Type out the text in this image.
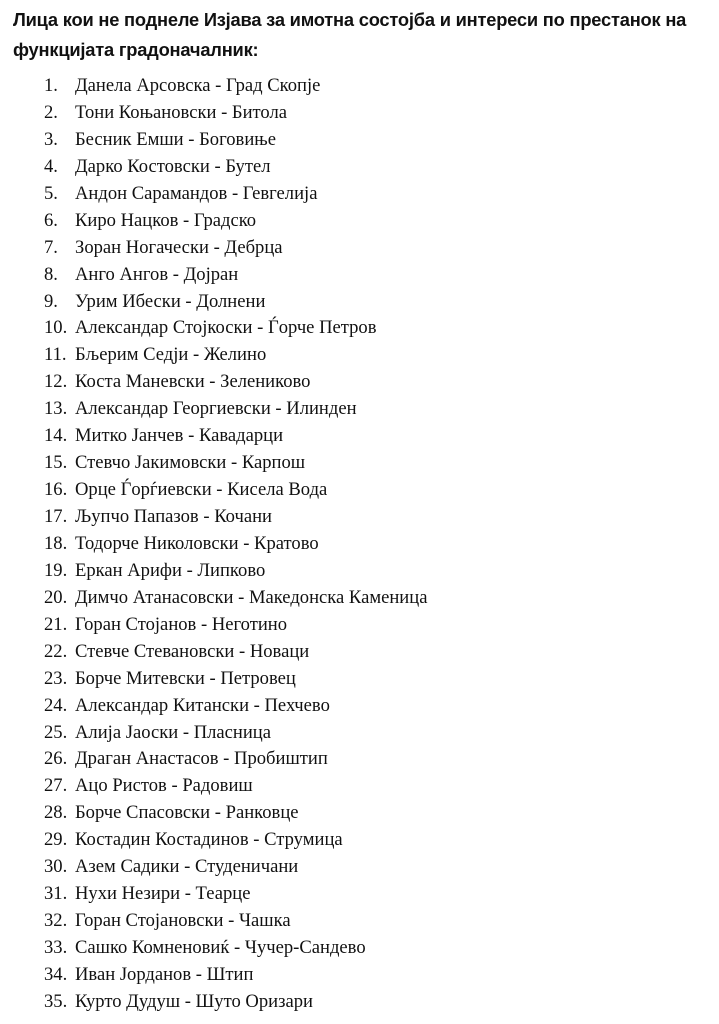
Лица кои не поднеле Изјава за имотна состојба и интереси по престанок на функцијата градоначалник:

1. Данела Арсовска - Град Скопје
2. Тони Коњановски - Битола
3. Бесник Емши - Боговиње
4. Дарко Костовски - Бутел
5. Андон Сарамандов - Гевгелија
6. Киро Нацков - Градско
7. Зоран Ногачески - Дебрца
8. Анго Ангов - Дојран
9. Урим Ибески - Долнени
10. Александар Стојкоски - Ѓорче Петров
11. Бљерим Седји - Желино
12. Коста Маневски - Зелениково
13. Александар Георгиевски - Илинден
14. Митко Јанчев - Кавадарци
15. Стевчо Јакимовски - Карпош
16. Орце Ѓорѓиевски - Кисела Вода
17. Љупчо Папазов - Кочани
18. Тодорче Николовски - Кратово
19. Еркан Арифи - Липково
20. Димчо Атанасовски - Македонска Каменица
21. Горан Стојанов - Неготино
22. Стевче Стевановски - Новаци
23. Борче Митевски - Петровец
24. Александар Китански - Пехчево
25. Алија Јаоски - Пласница
26. Драган Анастасов - Пробиштип
27. Ацо Ристов - Радовиш
28. Борче Спасовски - Ранковце
29. Костадин Костадинов - Струмица
30. Азем Садики - Студеничани
31. Нухи Незири - Теарце
32. Горан Стојановски - Чашка
33. Сашко Комненовиќ - Чучер-Сандево
34. Иван Јорданов - Штип
35. Курто Дудуш - Шуто Оризари
